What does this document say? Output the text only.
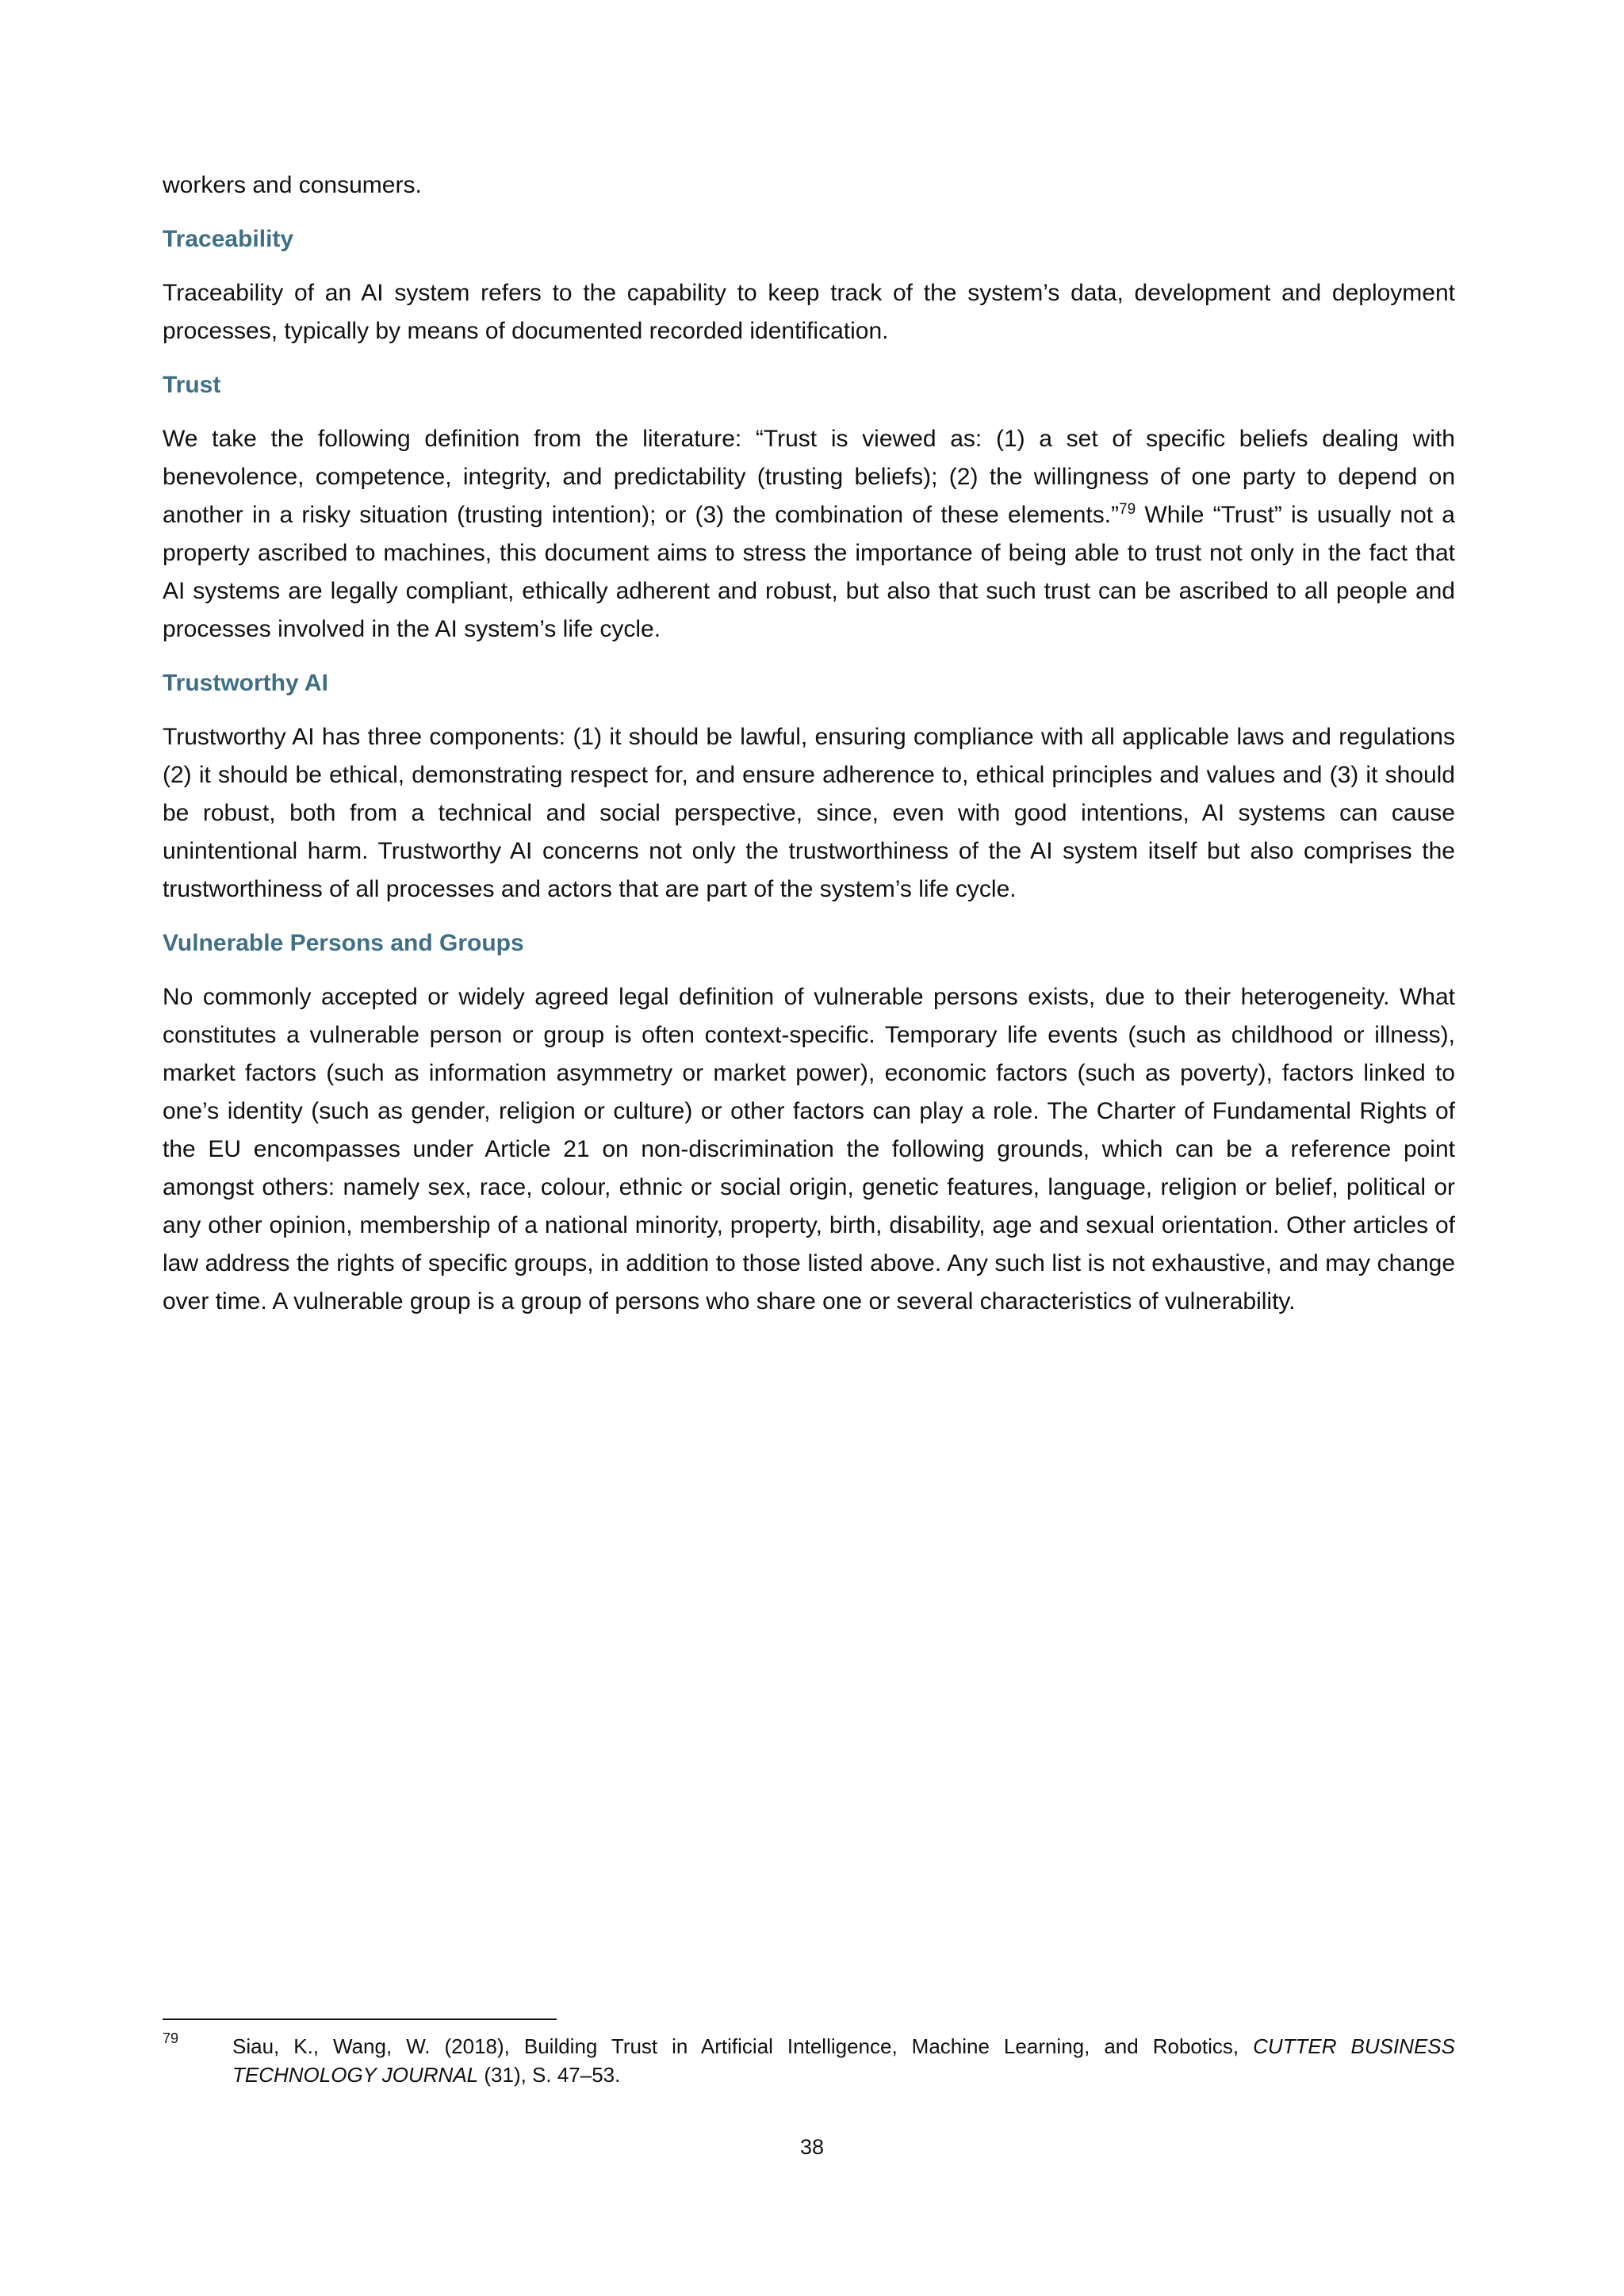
workers and consumers.

Traceability

Traceability of an AI system refers to the capability to keep track of the system’s data, development and deployment processes, typically by means of documented recorded identification.

Trust

We take the following definition from the literature: “Trust is viewed as: (1) a set of specific beliefs dealing with benevolence, competence, integrity, and predictability (trusting beliefs); (2) the willingness of one party to depend on another in a risky situation (trusting intention); or (3) the combination of these elements.”$^{79}$ While “Trust” is usually not a property ascribed to machines, this document aims to stress the importance of being able to trust not only in the fact that AI systems are legally compliant, ethically adherent and robust, but also that such trust can be ascribed to all people and processes involved in the AI system’s life cycle.

Trustworthy AI

Trustworthy AI has three components: (1) it should be lawful, ensuring compliance with all applicable laws and regulations (2) it should be ethical, demonstrating respect for, and ensure adherence to, ethical principles and values and (3) it should be robust, both from a technical and social perspective, since, even with good intentions, AI systems can cause unintentional harm. Trustworthy AI concerns not only the trustworthiness of the AI system itself but also comprises the trustworthiness of all processes and actors that are part of the system’s life cycle.

Vulnerable Persons and Groups

No commonly accepted or widely agreed legal definition of vulnerable persons exists, due to their heterogeneity. What constitutes a vulnerable person or group is often context-specific. Temporary life events (such as childhood or illness), market factors (such as information asymmetry or market power), economic factors (such as poverty), factors linked to one’s identity (such as gender, religion or culture) or other factors can play a role. The Charter of Fundamental Rights of the EU encompasses under Article 21 on non-discrimination the following grounds, which can be a reference point amongst others: namely sex, race, colour, ethnic or social origin, genetic features, language, religion or belief, political or any other opinion, membership of a national minority, property, birth, disability, age and sexual orientation. Other articles of law address the rights of specific groups, in addition to those listed above. Any such list is not exhaustive, and may change over time. A vulnerable group is a group of persons who share one or several characteristics of vulnerability.

79	Siau, K., Wang, W. (2018), Building Trust in Artificial Intelligence, Machine Learning, and Robotics, CUTTER BUSINESS TECHNOLOGY JOURNAL (31), S. 47–53.
38
